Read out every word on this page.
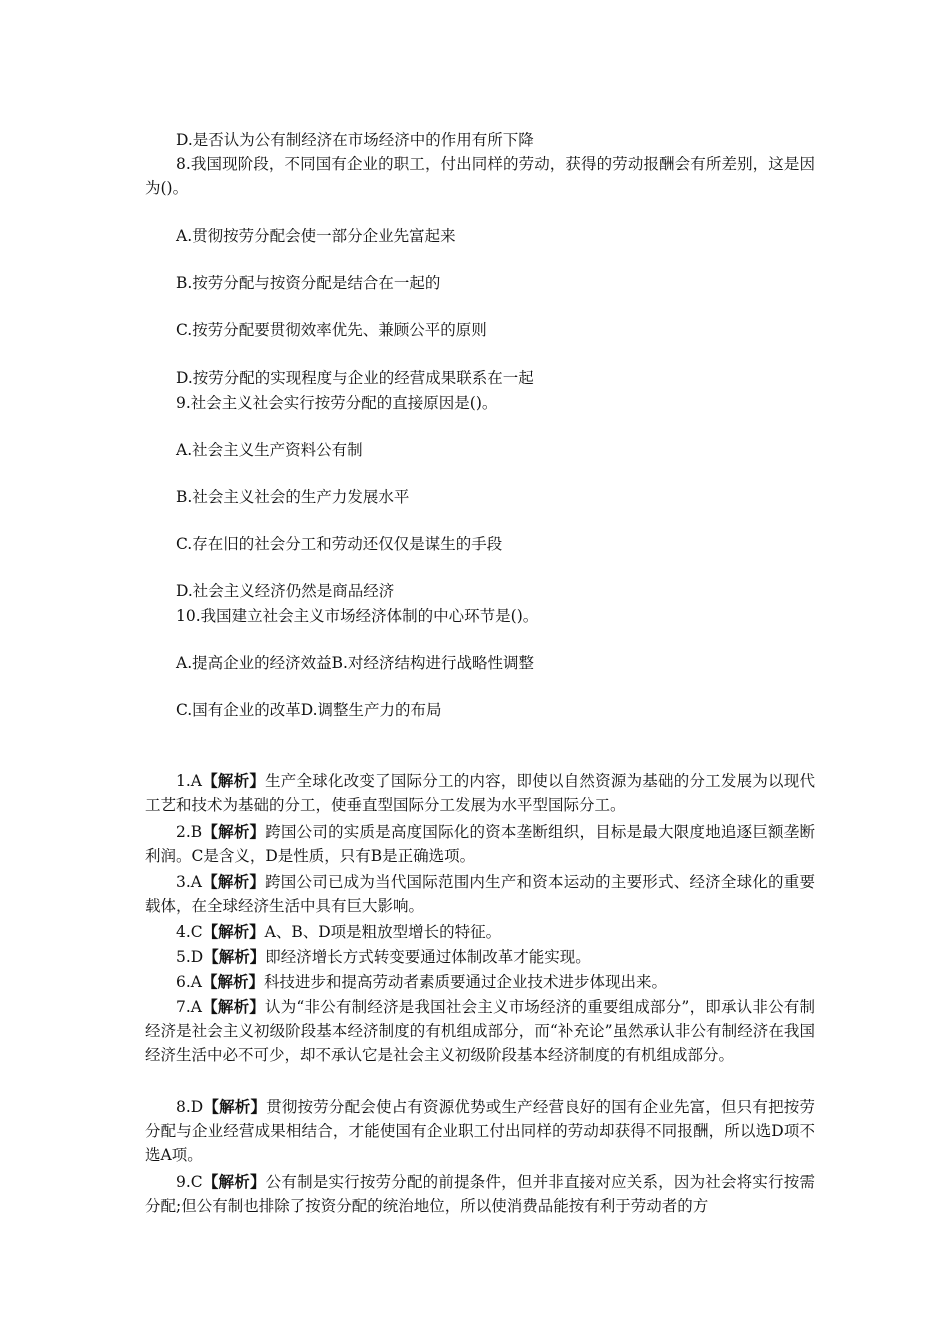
D.是否认为公有制经济在市场经济中的作用有所下降
8.我国现阶段，不同国有企业的职工，付出同样的劳动，获得的劳动报酬会有所差别，这是因为()。
A.贯彻按劳分配会使一部分企业先富起来
B.按劳分配与按资分配是结合在一起的
C.按劳分配要贯彻效率优先、兼顾公平的原则
D.按劳分配的实现程度与企业的经营成果联系在一起
9.社会主义社会实行按劳分配的直接原因是()。
A.社会主义生产资料公有制
B.社会主义社会的生产力发展水平
C.存在旧的社会分工和劳动还仅仅是谋生的手段
D.社会主义经济仍然是商品经济
10.我国建立社会主义市场经济体制的中心环节是()。
A.提高企业的经济效益B.对经济结构进行战略性调整
C.国有企业的改革D.调整生产力的布局
1.A【解析】生产全球化改变了国际分工的内容，即使以自然资源为基础的分工发展为以现代工艺和技术为基础的分工，使垂直型国际分工发展为水平型国际分工。
2.B【解析】跨国公司的实质是高度国际化的资本垄断组织，目标是最大限度地追逐巨额垄断利润。C是含义，D是性质，只有B是正确选项。
3.A【解析】跨国公司已成为当代国际范围内生产和资本运动的主要形式、经济全球化的重要载体，在全球经济生活中具有巨大影响。
4.C【解析】A、B、D项是粗放型增长的特征。
5.D【解析】即经济增长方式转变要通过体制改革才能实现。
6.A【解析】科技进步和提高劳动者素质要通过企业技术进步体现出来。
7.A【解析】认为“非公有制经济是我国社会主义市场经济的重要组成部分”，即承认非公有制经济是社会主义初级阶段基本经济制度的有机组成部分，而“补充论”虽然承认非公有制经济在我国经济生活中必不可少，却不承认它是社会主义初级阶段基本经济制度的有机组成部分。
8.D【解析】贯彻按劳分配会使占有资源优势或生产经营良好的国有企业先富，但只有把按劳分配与企业经营成果相结合，才能使国有企业职工付出同样的劳动却获得不同报酬，所以选D项不选A项。
9.C【解析】公有制是实行按劳分配的前提条件，但并非直接对应关系，因为社会将实行按需分配;但公有制也排除了按资分配的统治地位，所以使消费品能按有利于劳动者的方
